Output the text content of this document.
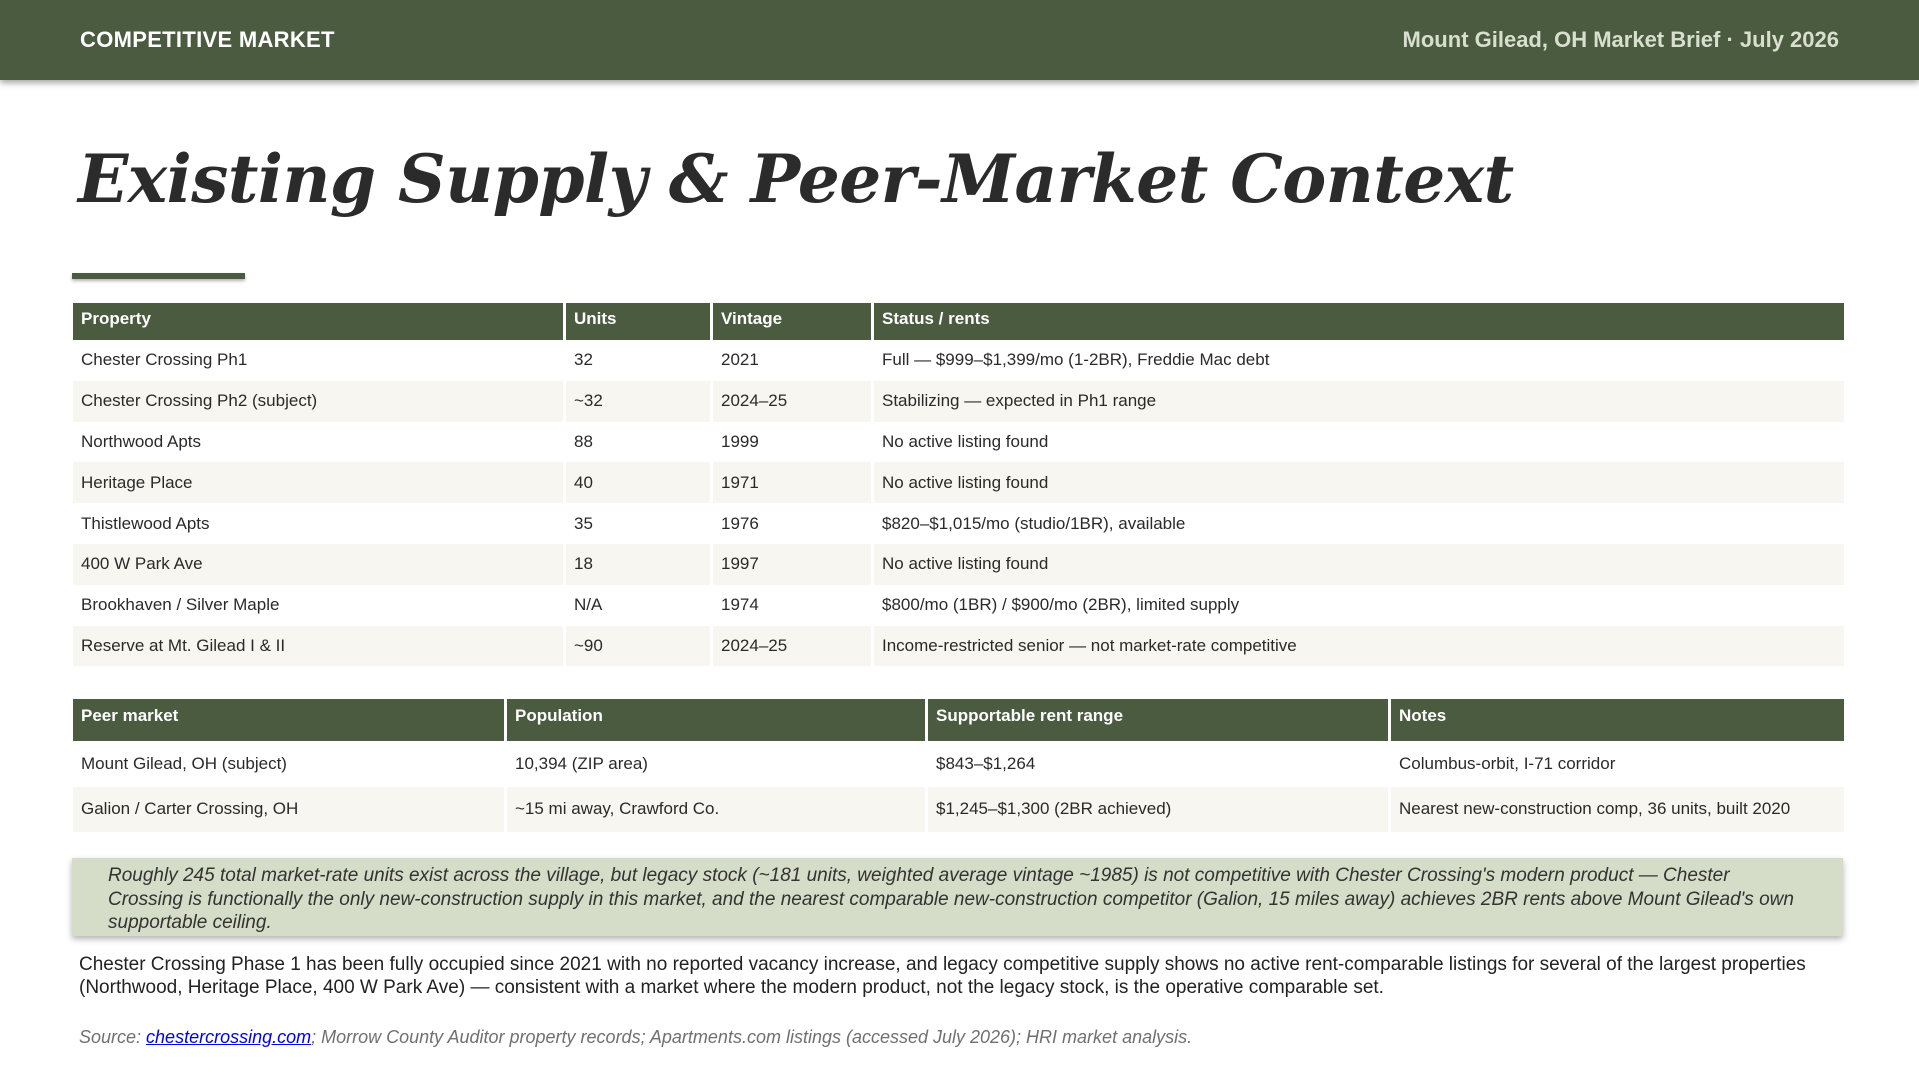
COMPETITIVE MARKET	Mount Gilead, OH Market Brief · July 2026
Existing Supply & Peer-Market Context
Property	Units	Vintage	Status / rents
Chester Crossing Ph1	32	2021	Full — $999–$1,399/mo (1-2BR), Freddie Mac debt
Chester Crossing Ph2 (subject)	~32	2024–25	Stabilizing — expected in Ph1 range
Northwood Apts	88	1999	No active listing found
Heritage Place	40	1971	No active listing found
Thistlewood Apts	35	1976	$820–$1,015/mo (studio/1BR), available
400 W Park Ave	18	1997	No active listing found
Brookhaven / Silver Maple	N/A	1974	$800/mo (1BR) / $900/mo (2BR), limited supply
Reserve at Mt. Gilead I & II	~90	2024–25	Income-restricted senior — not market-rate competitive
Peer market	Population	Supportable rent range	Notes
Mount Gilead, OH (subject)	10,394 (ZIP area)	$843–$1,264	Columbus-orbit, I-71 corridor
Galion / Carter Crossing, OH	~15 mi away, Crawford Co.	$1,245–$1,300 (2BR achieved)	Nearest new-construction comp, 36 units, built 2020
Roughly 245 total market-rate units exist across the village, but legacy stock (~181 units, weighted average vintage ~1985) is not competitive with Chester Crossing's modern product — Chester Crossing is functionally the only new-construction supply in this market, and the nearest comparable new-construction competitor (Galion, 15 miles away) achieves 2BR rents above Mount Gilead's own supportable ceiling.
Chester Crossing Phase 1 has been fully occupied since 2021 with no reported vacancy increase, and legacy competitive supply shows no active rent-comparable listings for several of the largest properties (Northwood, Heritage Place, 400 W Park Ave) — consistent with a market where the modern product, not the legacy stock, is the operative comparable set.
Source: chestercrossing.com; Morrow County Auditor property records; Apartments.com listings (accessed July 2026); HRI market analysis.
